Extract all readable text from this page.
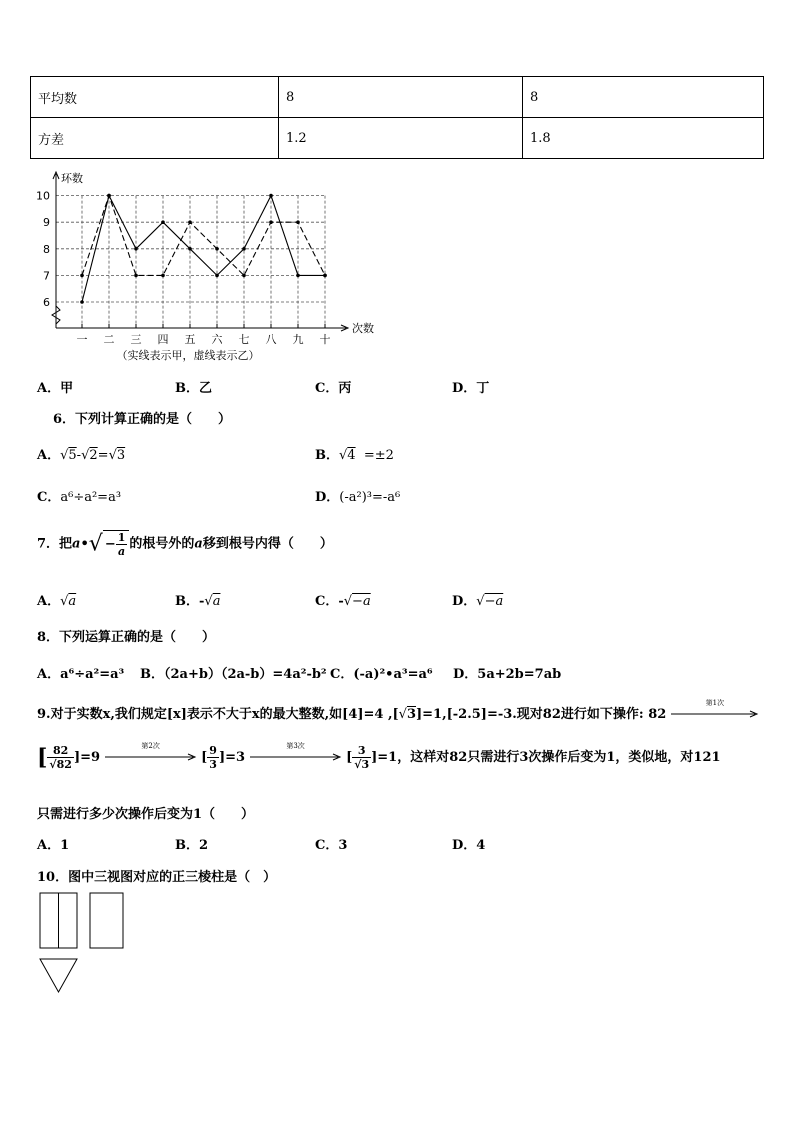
平均数	8	8
方差	1.2	1.8
6
7
8
9
10
一 二 三 四 五 六 七 八 九 十
环数
次数
（实线表示甲，虚线表示乙）
A．甲	B．乙	C．丙	D．丁
6．下列计算正确的是（　　）
A．√5-√2=√3	B．√4 =±2
C．a⁶÷a²=a³	D．(-a²)³=-a⁶
7．把a•√ − $\frac{1}{a}$ 的根号外的a移到根号内得（　　）
A．√a	B．-√a	C．-√−a	D．√−a
8．下列运算正确的是（　　）
A．a⁶÷a²=a³ B．（2a+b）（2a-b）=4a²-b² C．(-a)²•a³=a⁶ D．5a+2b=7ab
9.对于实数x,我们规定[x]表示不大于x的最大整数,如[4]=4 ,[√3]=1,[-2.5]=-3.现对82进行如下操作: 82
第1次
[ $\frac{82}{√82} ]=9$
第2次
[ $\frac{9}{3} ]=3$
第3次
[ $\frac{3}{√3} ]=1$，这样对82只需进行3次操作后变为1，类似地，对121
只需进行多少次操作后变为1（　　）
A．1	B．2	C．3	D．4
10．图中三视图对应的正三棱柱是（　）
